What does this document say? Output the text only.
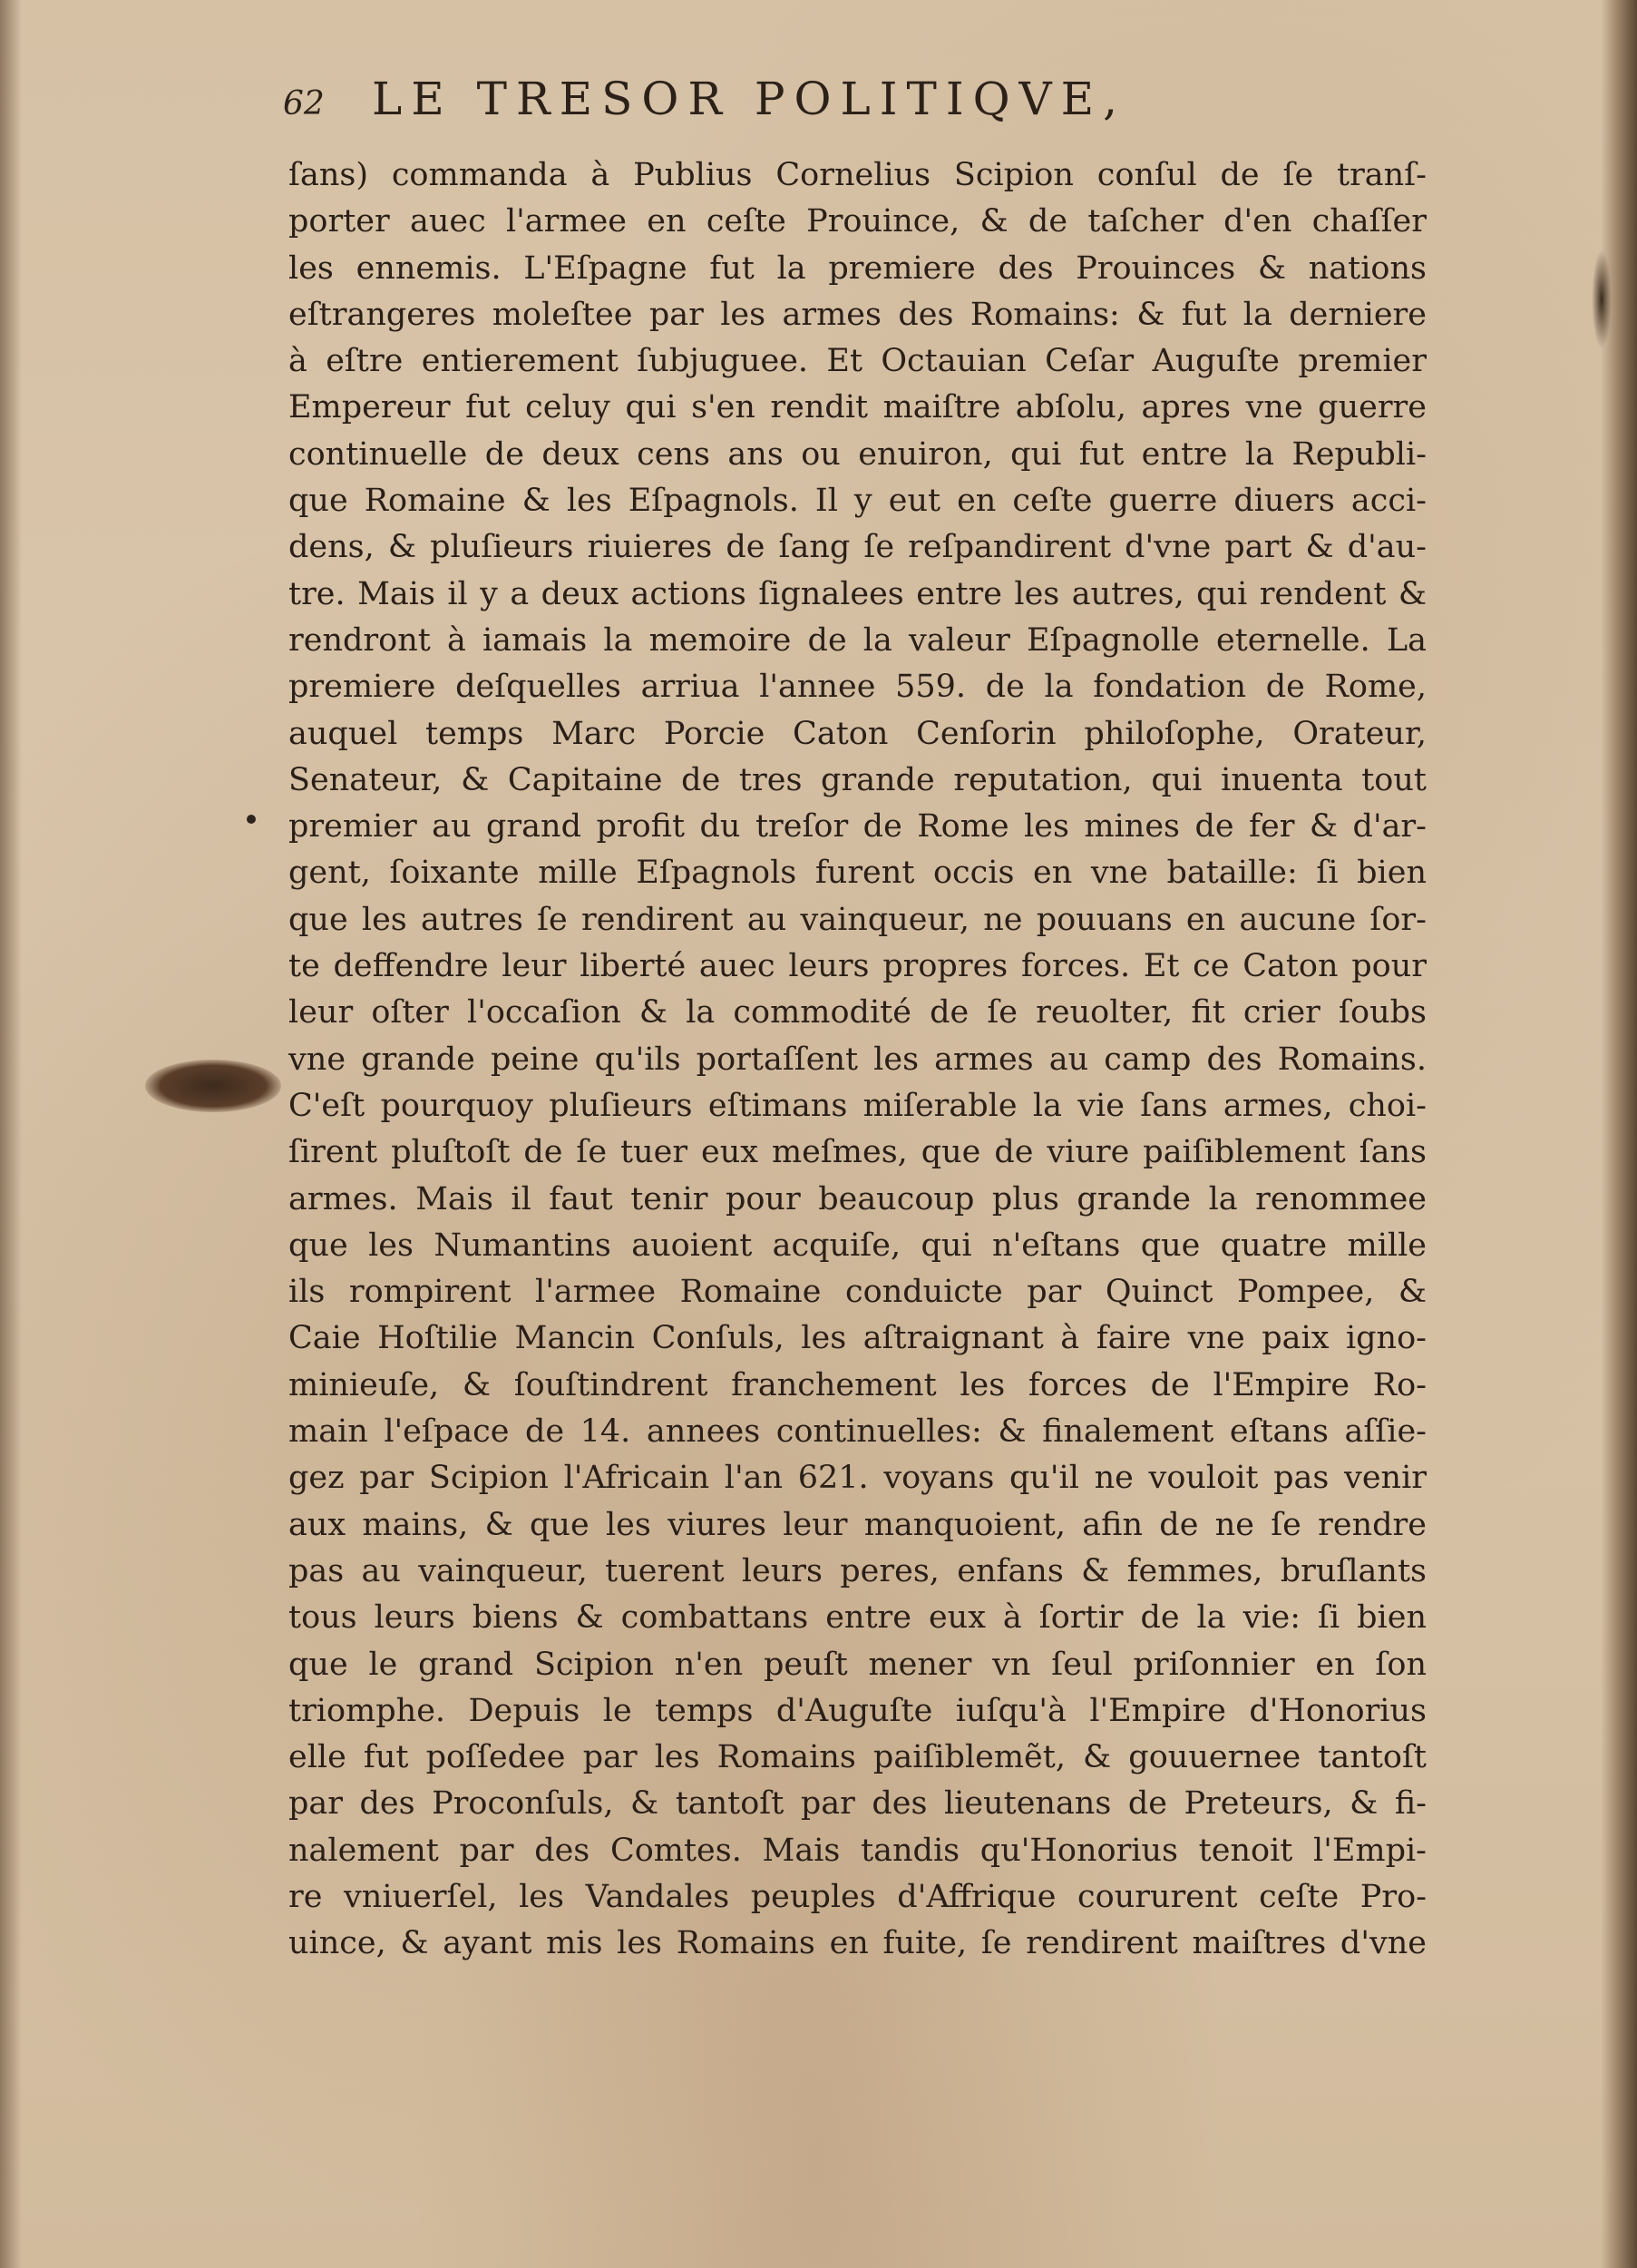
62 LE TRESOR POLITIQVE,
ſans) commanda à Publius Cornelius Scipion conſul de ſe tranſ-
porter auec l'armee en ceſte Prouince, & de taſcher d'en chaſſer
les ennemis. L'Eſpagne fut la premiere des Prouinces & nations
eſtrangeres moleſtee par les armes des Romains: & fut la derniere
à eſtre entierement ſubjuguee. Et Octauian Ceſar Auguſte premier
Empereur fut celuy qui s'en rendit maiſtre abſolu, apres vne guerre
continuelle de deux cens ans ou enuiron, qui fut entre la Republi-
que Romaine & les Eſpagnols. Il y eut en ceſte guerre diuers acci-
dens, & pluſieurs riuieres de ſang ſe reſpandirent d'vne part & d'au-
tre. Mais il y a deux actions ſignalees entre les autres, qui rendent &
rendront à iamais la memoire de la valeur Eſpagnolle eternelle. La
premiere deſquelles arriua l'annee 559. de la fondation de Rome,
auquel temps Marc Porcie Caton Cenſorin philoſophe, Orateur,
Senateur, & Capitaine de tres grande reputation, qui inuenta tout
premier au grand profit du treſor de Rome les mines de fer & d'ar-
gent, ſoixante mille Eſpagnols furent occis en vne bataille: ſi bien
que les autres ſe rendirent au vainqueur, ne pouuans en aucune ſor-
te deffendre leur liberté auec leurs propres forces. Et ce Caton pour
leur oſter l'occaſion & la commodité de ſe reuolter, fit crier ſoubs
vne grande peine qu'ils portaſſent les armes au camp des Romains.
C'eſt pourquoy pluſieurs eſtimans miſerable la vie ſans armes, choi-
ſirent pluſtoſt de ſe tuer eux meſmes, que de viure paiſiblement ſans
armes. Mais il faut tenir pour beaucoup plus grande la renommee
que les Numantins auoient acquiſe, qui n'eſtans que quatre mille
ils rompirent l'armee Romaine conduicte par Quinct Pompee, &
Caie Hoſtilie Mancin Conſuls, les aſtraignant à faire vne paix igno-
minieuſe, & ſouſtindrent franchement les forces de l'Empire Ro-
main l'eſpace de 14. annees continuelles: & finalement eſtans aſſie-
gez par Scipion l'Africain l'an 621. voyans qu'il ne vouloit pas venir
aux mains, & que les viures leur manquoient, afin de ne ſe rendre
pas au vainqueur, tuerent leurs peres, enfans & femmes, bruſlants
tous leurs biens & combattans entre eux à ſortir de la vie: ſi bien
que le grand Scipion n'en peuſt mener vn ſeul priſonnier en ſon
triomphe. Depuis le temps d'Auguſte iuſqu'à l'Empire d'Honorius
elle fut poſſedee par les Romains paiſiblemẽt, & gouuernee tantoſt
par des Proconſuls, & tantoſt par des lieutenans de Preteurs, & fi-
nalement par des Comtes. Mais tandis qu'Honorius tenoit l'Empi-
re vniuerſel, les Vandales peuples d'Affrique coururent ceſte Pro-
uince, & ayant mis les Romains en fuite, ſe rendirent maiſtres d'vne
